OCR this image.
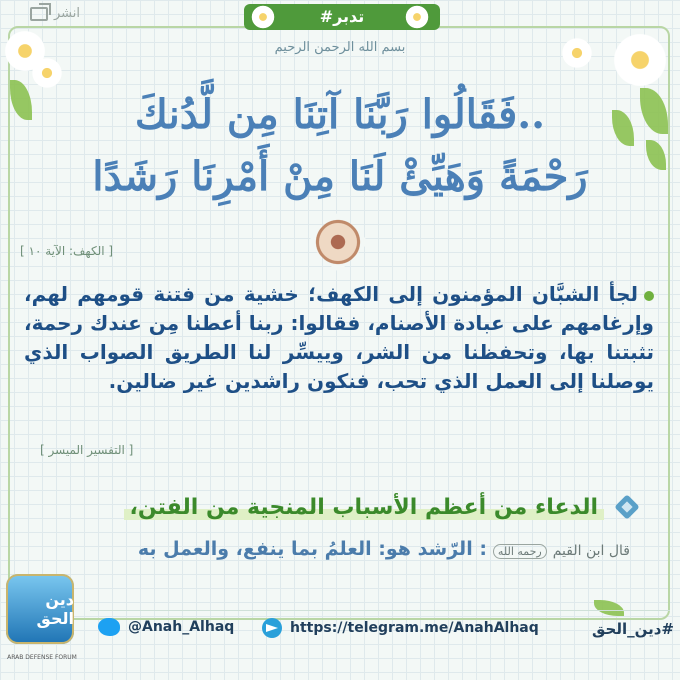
انشر	#تدبر
بسم الله الرحمن الرحيم
..فَقَالُوا رَبَّنَا آتِنَا مِن لَّدُنكَ
رَحْمَةً وَهَيِّئْ لَنَا مِنْ أَمْرِنَا رَشَدًا
[ الكهف: الآية ١٠ ]
لجأ الشبَّان المؤمنون إلى الكهف؛ خشية من فتنة قومهم لهم، وإرغامهم على عبادة الأصنام، فقالوا: ربنا أعطنا مِن عندك رحمة، تثبتنا بها، وتحفظنا من الشر، وييسِّر لنا الطريق الصواب الذي يوصلنا إلى العمل الذي تحب، فنكون راشدين غير ضالين.
[ التفسير الميسر ]
الدعاء من أعظم الأسباب المنجية من الفتن،
قال ابن القيم
رحمه الله
: الرّشد هو: العلمُ بما ينفع، والعمل به
دين الحق
ARAB DEFENSE FORUM
@Anah_Alhaq	https://telegram.me/AnahAlhaq	#دين_الحق
